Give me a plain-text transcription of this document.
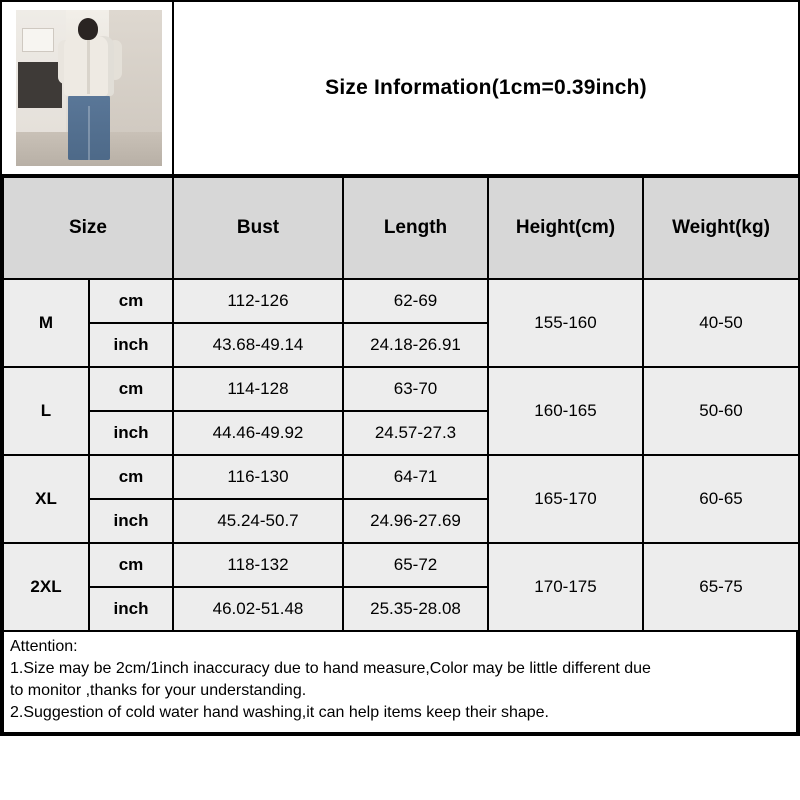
Size Information(1cm=0.39inch)
Size		Bust	Length	Height(cm)	Weight(kg)
M	cm	112-126	62-69	155-160	40-50
	inch	43.68-49.14	24.18-26.91		
L	cm	114-128	63-70	160-165	50-60
	inch	44.46-49.92	24.57-27.3		
XL	cm	116-130	64-71	165-170	60-65
	inch	45.24-50.7	24.96-27.69		
2XL	cm	118-132	65-72	170-175	65-75
	inch	46.02-51.48	25.35-28.08		
Attention:
1.Size may be 2cm/1inch inaccuracy due to hand measure,Color may be little different due
to monitor ,thanks for your understanding.
2.Suggestion of cold water hand washing,it can help items keep their shape.
